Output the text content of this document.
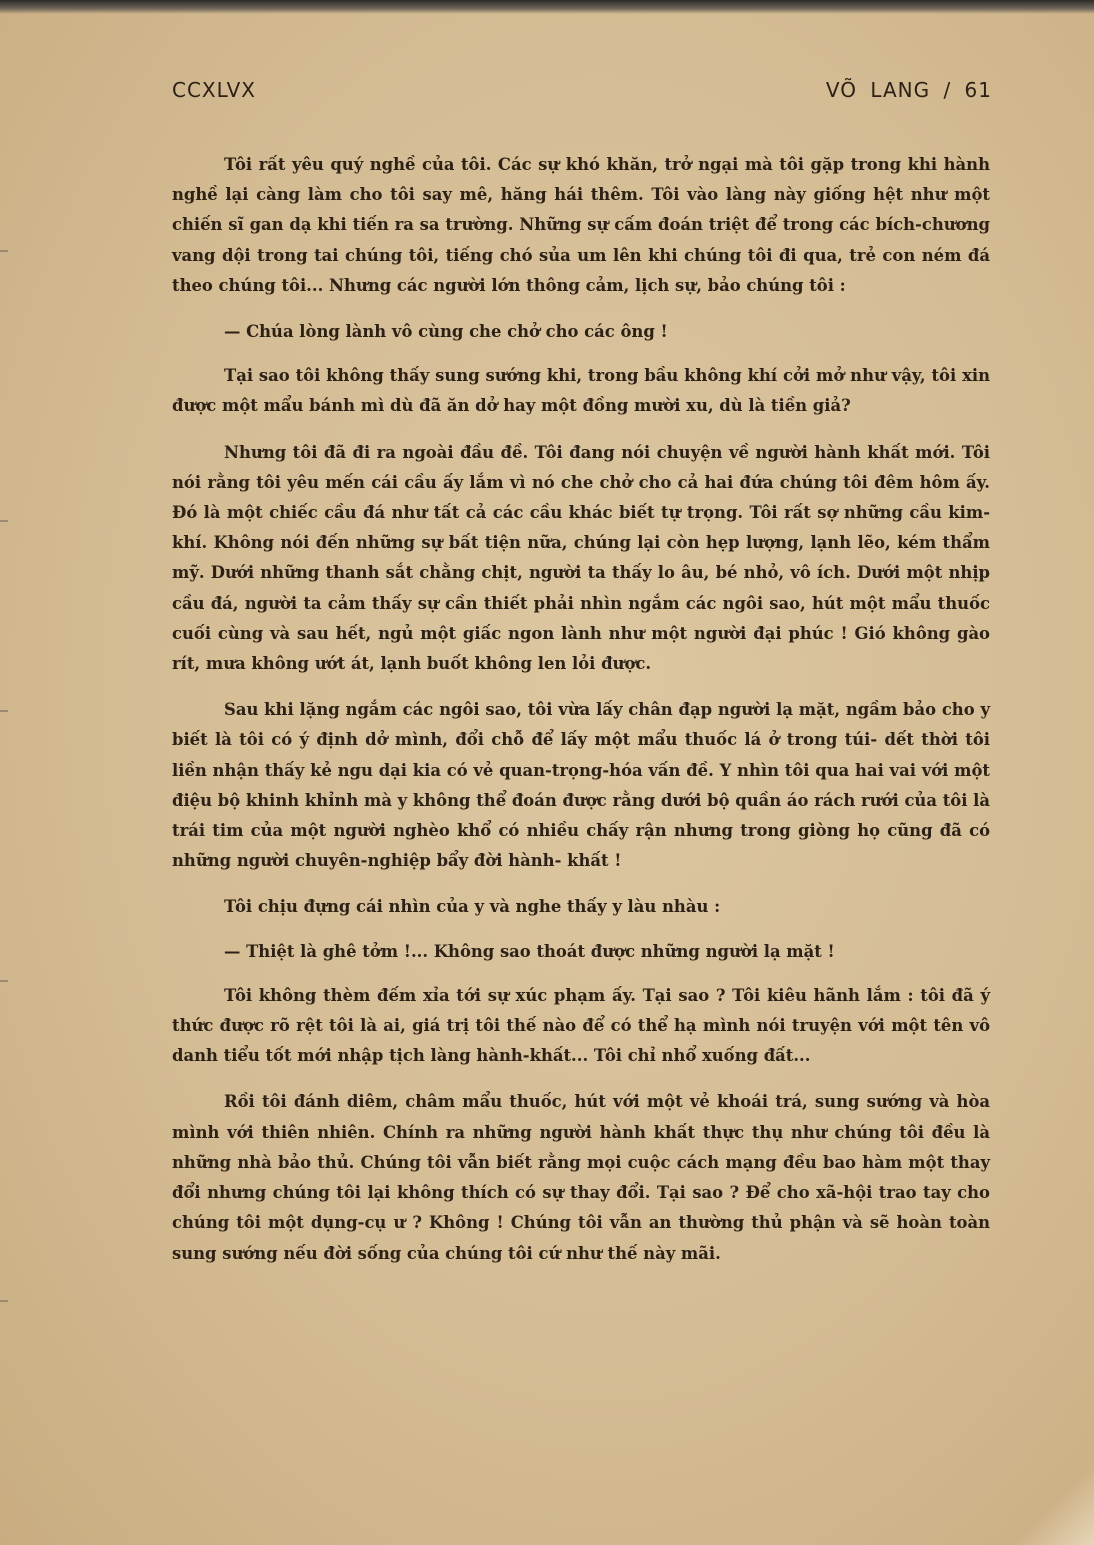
CCXLVX	VÕ LANG / 61

Tôi rất yêu quý nghề của tôi. Các sự khó khăn, trở ngại mà tôi gặp trong khi hành nghề lại càng làm cho tôi say mê, hăng hái thêm. Tôi vào làng này giống hệt như một chiến sĩ gan dạ khi tiến ra sa trường. Những sự cấm đoán triệt để trong các bích-chương vang dội trong tai chúng tôi, tiếng chó sủa um lên khi chúng tôi đi qua, trẻ con ném đá theo chúng tôi... Nhưng các người lớn thông cảm, lịch sự, bảo chúng tôi :

— Chúa lòng lành vô cùng che chở cho các ông !

Tại sao tôi không thấy sung sướng khi, trong bầu không khí cởi mở như vậy, tôi xin được một mẩu bánh mì dù đã ăn dở hay một đồng mười xu, dù là tiền giả?

Nhưng tôi đã đi ra ngoài đầu đề. Tôi đang nói chuyện về người hành khất mới. Tôi nói rằng tôi yêu mến cái cầu ấy lắm vì nó che chở cho cả hai đứa chúng tôi đêm hôm ấy. Đó là một chiếc cầu đá như tất cả các cầu khác biết tự trọng. Tôi rất sợ những cầu kim-khí. Không nói đến những sự bất tiện nữa, chúng lại còn hẹp lượng, lạnh lẽo, kém thẩm mỹ. Dưới những thanh sắt chằng chịt, người ta thấy lo âu, bé nhỏ, vô ích. Dưới một nhịp cầu đá, người ta cảm thấy sự cần thiết phải nhìn ngắm các ngôi sao, hút một mẩu thuốc cuối cùng và sau hết, ngủ một giấc ngon lành như một người đại phúc ! Gió không gào rít, mưa không ướt át, lạnh buốt không len lỏi được.

Sau khi lặng ngắm các ngôi sao, tôi vừa lấy chân đạp người lạ mặt, ngầm bảo cho y biết là tôi có ý định dở mình, đổi chỗ để lấy một mẩu thuốc lá ở trong túi- dết thời tôi liền nhận thấy kẻ ngu dại kia có vẻ quan-trọng-hóa vấn đề. Y nhìn tôi qua hai vai với một điệu bộ khinh khỉnh mà y không thể đoán được rằng dưới bộ quần áo rách rưới của tôi là trái tim của một người nghèo khổ có nhiều chấy rận nhưng trong giòng họ cũng đã có những người chuyên-nghiệp bẩy đời hành- khất !

Tôi chịu đựng cái nhìn của y và nghe thấy y làu nhàu :

— Thiệt là ghê tởm !... Không sao thoát được những người lạ mặt !

Tôi không thèm đếm xỉa tới sự xúc phạm ấy. Tại sao ? Tôi kiêu hãnh lắm : tôi đã ý thức được rõ rệt tôi là ai, giá trị tôi thế nào để có thể hạ mình nói truyện với một tên vô danh tiểu tốt mới nhập tịch làng hành-khất... Tôi chỉ nhổ xuống đất...

Rồi tôi đánh diêm, châm mẩu thuốc, hút với một vẻ khoái trá, sung sướng và hòa mình với thiên nhiên. Chính ra những người hành khất thực thụ như chúng tôi đều là những nhà bảo thủ. Chúng tôi vẫn biết rằng mọi cuộc cách mạng đều bao hàm một thay đổi nhưng chúng tôi lại không thích có sự thay đổi. Tại sao ? Để cho xã-hội trao tay cho chúng tôi một dụng-cụ ư ? Không ! Chúng tôi vẫn an thường thủ phận và sẽ hoàn toàn sung sướng nếu đời sống của chúng tôi cứ như thế này mãi.
